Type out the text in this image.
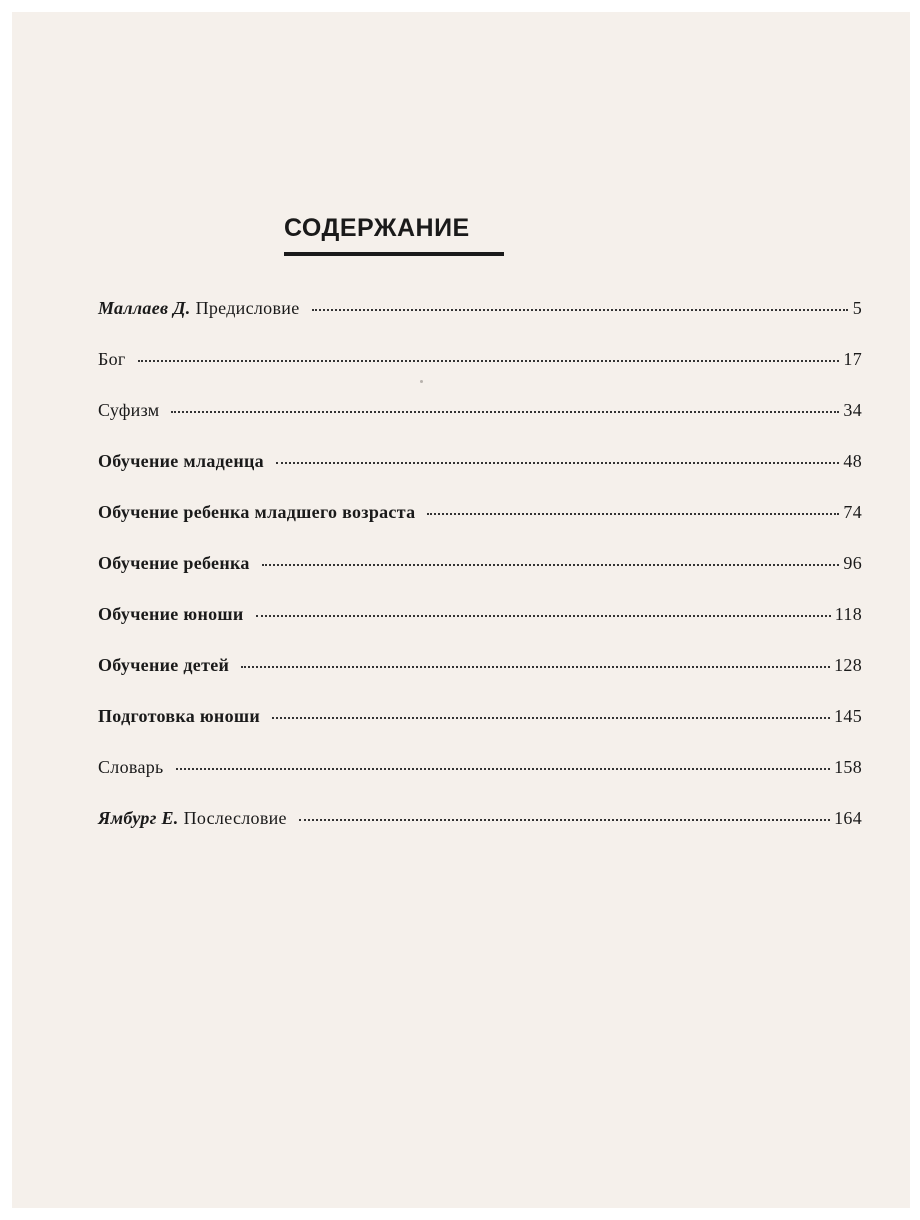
СОДЕРЖАНИЕ
Маллаев Д. Предисловие	5
Бог	17
Суфизм	34
Обучение младенца	48
Обучение ребенка младшего возраста	74
Обучение ребенка	96
Обучение юноши	118
Обучение детей	128
Подготовка юноши	145
Словарь	158
Ямбург Е. Послесловие	164
